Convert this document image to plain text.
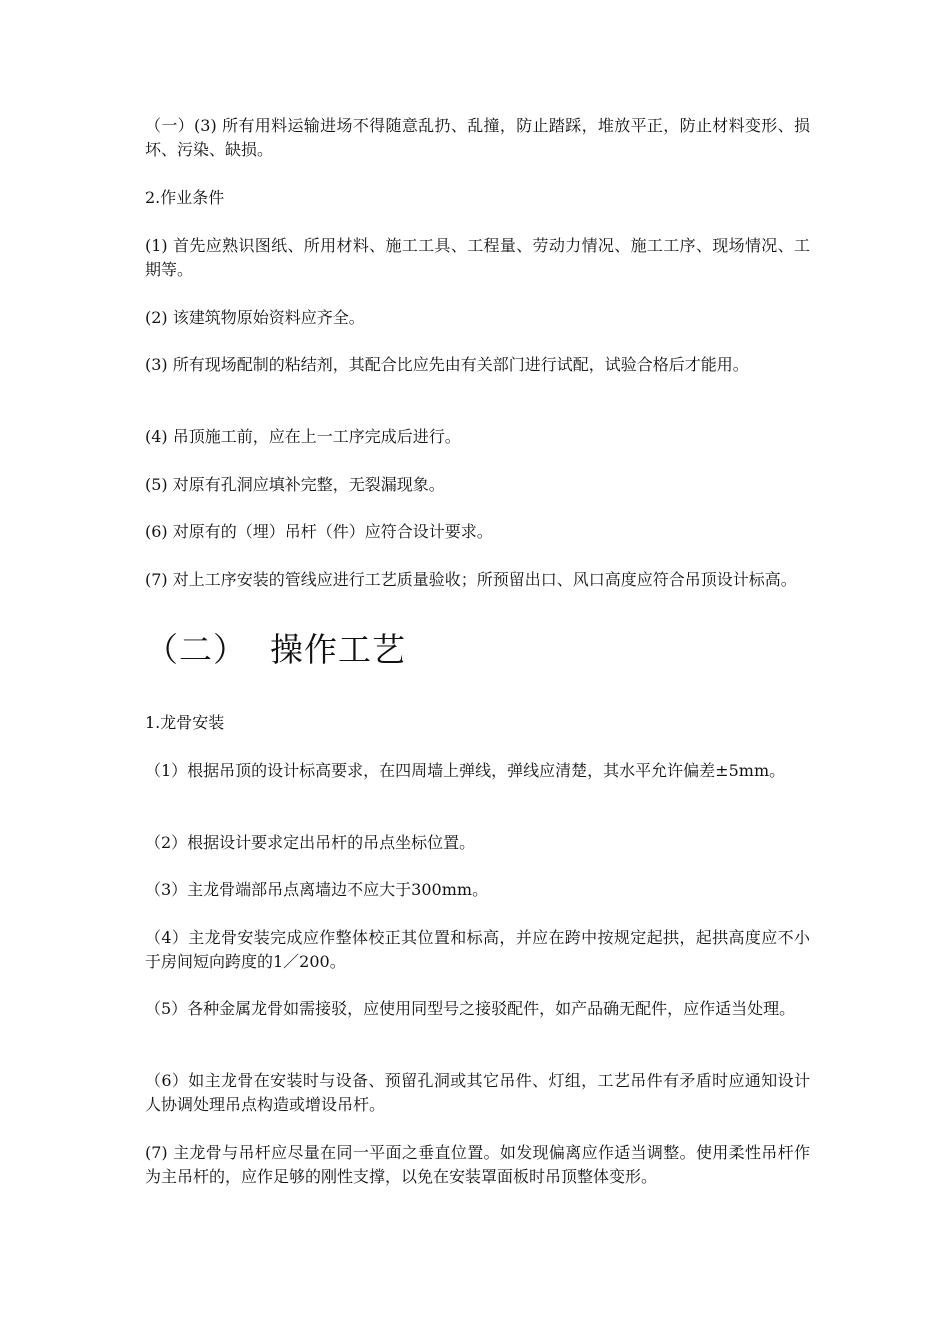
（一）(3) 所有用料运输进场不得随意乱扔、乱撞，防止踏踩，堆放平正，防止材料变形、损坏、污染、缺损。

2.作业条件

(1) 首先应熟识图纸、所用材料、施工工具、工程量、劳动力情况、施工工序、现场情况、工期等。

(2) 该建筑物原始资料应齐全。

(3) 所有现场配制的粘结剂，其配合比应先由有关部门进行试配，试验合格后才能用。

(4) 吊顶施工前，应在上一工序完成后进行。

(5) 对原有孔洞应填补完整，无裂漏现象。

(6) 对原有的（埋）吊杆（件）应符合设计要求。

(7) 对上工序安装的管线应进行工艺质量验收；所预留出口、风口高度应符合吊顶设计标高。

（二）  操作工艺

1.龙骨安装

（1）根据吊顶的设计标高要求，在四周墙上弹线，弹线应清楚，其水平允许偏差±5mm。

（2）根据设计要求定出吊杆的吊点坐标位置。

（3）主龙骨端部吊点离墙边不应大于300mm。

（4）主龙骨安装完成应作整体校正其位置和标高，并应在跨中按规定起拱，起拱高度应不小于房间短向跨度的1／200。

（5）各种金属龙骨如需接驳，应使用同型号之接驳配件，如产品确无配件，应作适当处理。

（6）如主龙骨在安装时与设备、预留孔洞或其它吊件、灯组，工艺吊件有矛盾时应通知设计人协调处理吊点构造或增设吊杆。

(7) 主龙骨与吊杆应尽量在同一平面之垂直位置。如发现偏离应作适当调整。使用柔性吊杆作为主吊杆的，应作足够的刚性支撑，以免在安装罩面板时吊顶整体变形。
